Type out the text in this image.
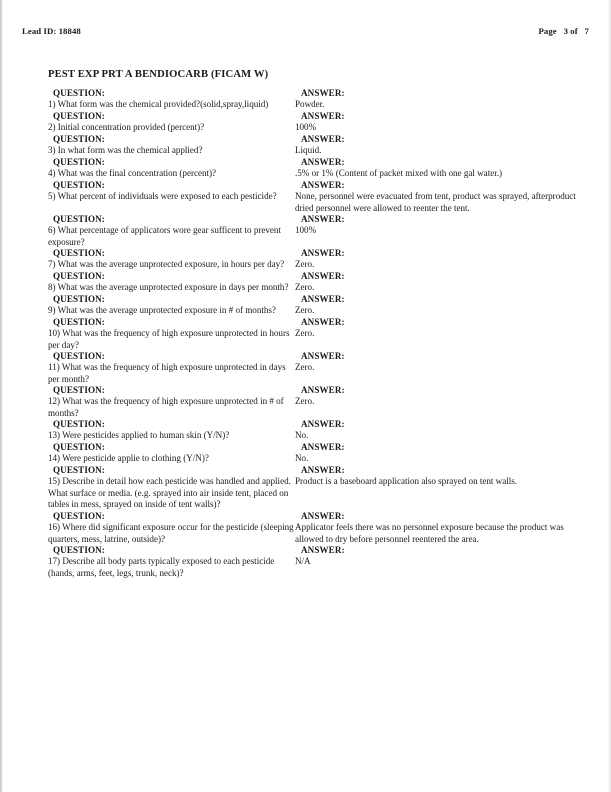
Lead ID: 18848	Page   3 of   7
... .... .. .. .... .... ... ... .. ... .. ....... .. ... ... .. . . ... .. .. ... ... .. .
PEST EXP PRT A BENDIOCARB (FICAM W)
QUESTION:
1) What form was the chemical provided?(solid,spray,liquid)
ANSWER:
Powder.
QUESTION:
2) Initial concentration provided (percent)?
ANSWER:
100%
QUESTION:
3) In what form was the chemical applied?
ANSWER:
Liquid.
QUESTION:
4) What was the final concentration (percent)?
ANSWER:
.5% or 1% (Content of packet mixed with one gal water.)
QUESTION:
5) What percent of individuals were exposed to each pesticide?
ANSWER:
None, personnel were evacuated from tent, product was sprayed, afterproduct dried personnel were allowed to reenter the tent.
QUESTION:
6) What percentage of applicators wore gear sufficent to prevent exposure?
ANSWER:
100%
QUESTION:
7) What was the average unprotected exposure, in hours per day?
ANSWER:
Zero.
QUESTION:
8) What was the average unprotected exposure in days per month?
ANSWER:
Zero.
QUESTION:
9) What was the average unprotected exposure in # of months?
ANSWER:
Zero.
QUESTION:
10) What was the frequency of high exposure unprotected in hours per day?
ANSWER:
Zero.
QUESTION:
11) What was the frequency of high exposure unprotected in days per month?
ANSWER:
Zero.
QUESTION:
12) What was the frequency of high exposure unprotected in # of months?
ANSWER:
Zero.
QUESTION:
13) Were pesticides applied to human skin (Y/N)?
ANSWER:
No.
QUESTION:
14) Were pesticide applie to clothing (Y/N)?
ANSWER:
No.
QUESTION:
15) Describe in detail how each pesticide was handled and applied. What surface or media. (e.g. sprayed into air inside tent, placed on tables in mess, sprayed on inside of tent walls)?
ANSWER:
Product is a baseboard application also sprayed on tent walls.
QUESTION:
16) Where did significant exposure occur for the pesticide (sleeping quarters, mess, latrine, outside)?
ANSWER:
Applicator feels there was no personnel exposure because the product was allowed to dry before personnel reentered the area.
QUESTION:
17) Describe all body parts typically exposed to each pesticide (hands, arms, feet, legs, trunk, neck)?
ANSWER:
N/A
